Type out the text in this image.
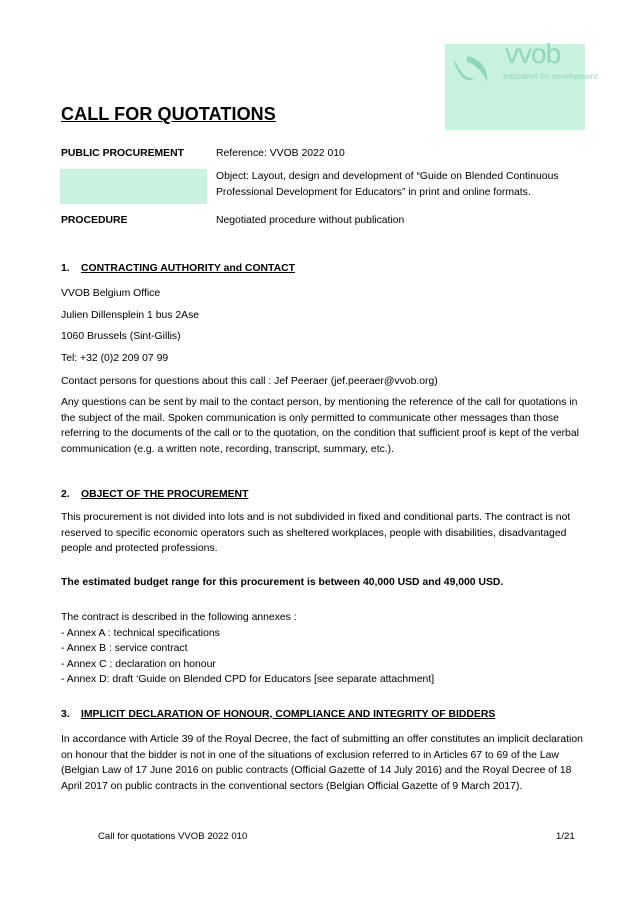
vvob
education for development
CALL FOR QUOTATIONS
PUBLIC PROCUREMENT	Reference: VVOB 2022 010
Object: Layout, design and development of “Guide on Blended Continuous Professional Development for Educators” in print and online formats.
PROCEDURE	Negotiated procedure without publication
1. CONTRACTING AUTHORITY and CONTACT
VVOB Belgium Office
Julien Dillensplein 1 bus 2Ase
1060 Brussels (Sint-Gillis)
Tel: +32 (0)2 209 07 99
Contact persons for questions about this call : Jef Peeraer (jef.peeraer@vvob.org)
Any questions can be sent by mail to the contact person, by mentioning the reference of the call for quotations in the subject of the mail. Spoken communication is only permitted to communicate other messages than those referring to the documents of the call or to the quotation, on the condition that sufficient proof is kept of the verbal communication (e.g. a written note, recording, transcript, summary, etc.).
2. OBJECT OF THE PROCUREMENT
This procurement is not divided into lots and is not subdivided in fixed and conditional parts. The contract is not reserved to specific economic operators such as sheltered workplaces, people with disabilities, disadvantaged people and protected professions.
The estimated budget range for this procurement is between 40,000 USD and 49,000 USD.
The contract is described in the following annexes :
- Annex A : technical specifications
- Annex B : service contract
- Annex C : declaration on honour
- Annex D: draft ‘Guide on Blended CPD for Educators [see separate attachment]
3. IMPLICIT DECLARATION OF HONOUR, COMPLIANCE AND INTEGRITY OF BIDDERS
In accordance with Article 39 of the Royal Decree, the fact of submitting an offer constitutes an implicit declaration on honour that the bidder is not in one of the situations of exclusion referred to in Articles 67 to 69 of the Law (Belgian Law of 17 June 2016 on public contracts (Official Gazette of 14 July 2016) and the Royal Decree of 18 April 2017 on public contracts in the conventional sectors (Belgian Official Gazette of 9 March 2017).
Call for quotations VVOB 2022 010	1/21
